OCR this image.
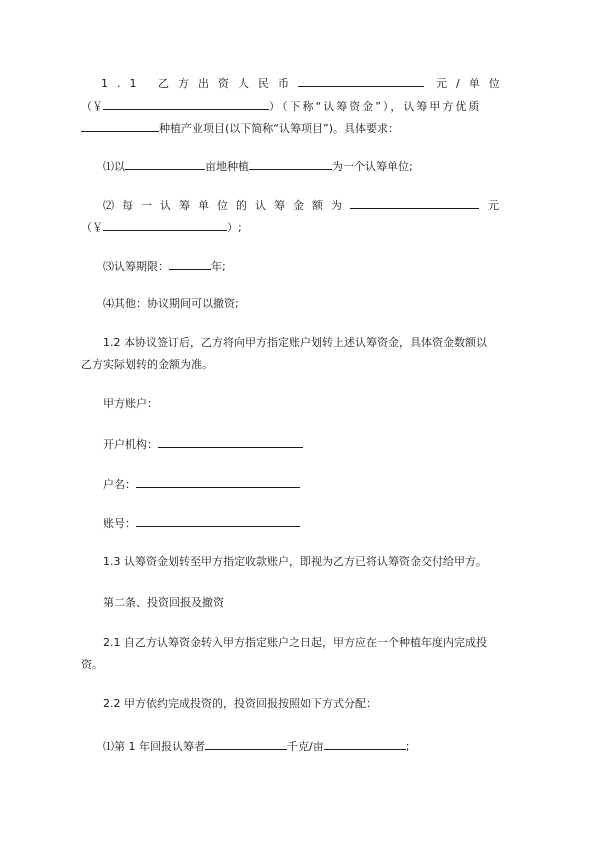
1.1 乙方出资人民币	元/单位
（￥	）（下称“认筹资金”），认筹甲方优质
种植产业项目(以下简称“认筹项目”)。具体要求：
⑴以	亩地种植	为一个认筹单位;
⑵每一认筹单位的认筹金额为	元
（￥	）;
⑶认筹期限：	年;
⑷其他：协议期间可以撤资;
1.2 本协议签订后，乙方将向甲方指定账户划转上述认筹资金，具体资金数额以
乙方实际划转的金额为准。
甲方账户：
开户机构：
户名：
账号：
1.3 认筹资金划转至甲方指定收款账户，即视为乙方已将认筹资金交付给甲方。
第二条、投资回报及撤资
2.1 自乙方认筹资金转入甲方指定账户之日起，甲方应在一个种植年度内完成投
资。
2.2 甲方依约完成投资的，投资回报按照如下方式分配：
⑴第 1 年回报认筹者	千克/亩	;
